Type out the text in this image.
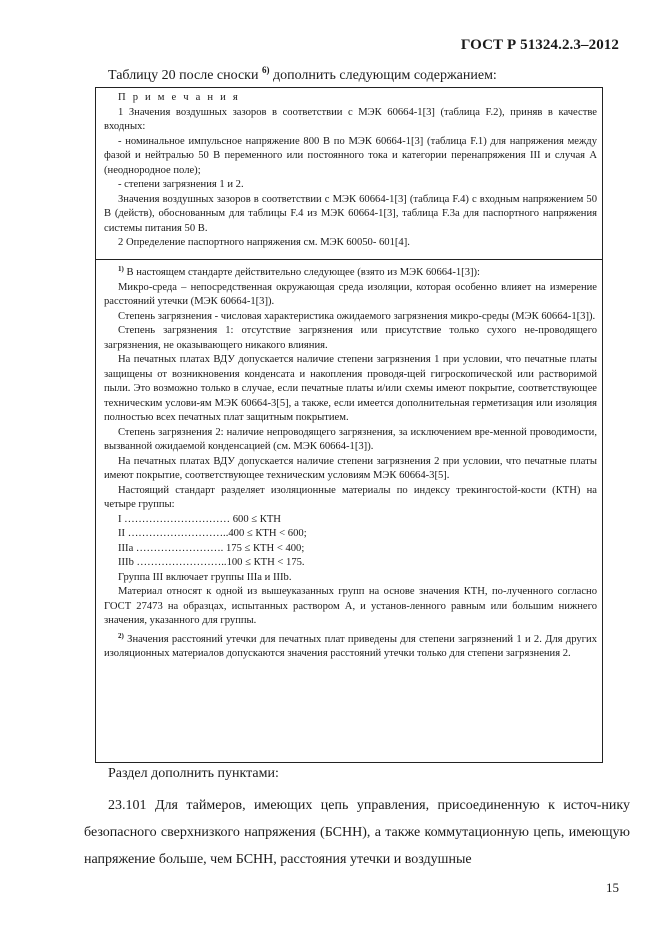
ГОСТ Р 51324.2.3–2012
Таблицу 20 после сноски $^{6)}$ дополнить следующим содержанием:

П р и м е ч а н и я

1 Значения воздушных зазоров в соответствии с МЭК 60664-1[3] (таблица F.2), приняв в качестве входных:

- номинальное импульсное напряжение 800 В по МЭК 60664-1[3] (таблица F.1) для напряжения между фазой и нейтралью 50 В переменного или постоянного тока и категории перенапряжения III и случая А (неоднородное поле);

- степени загрязнения 1 и 2.

Значения воздушных зазоров в соответствии с МЭК 60664-1[3] (таблица F.4) с входным напряжением 50 В (действ), обоснованным для таблицы F.4 из МЭК 60664-1[3], таблица F.3а для паспортного напряжения системы питания 50 В.

2 Определение паспортного напряжения см. МЭК 60050- 601[4].

$^{1)}$ В настоящем стандарте действительно следующее (взято из МЭК 60664-1[3]):

Микро-среда – непосредственная окружающая среда изоляции, которая особенно влияет на измерение расстояний утечки (МЭК 60664-1[3]).

Степень загрязнения - числовая характеристика ожидаемого загрязнения микро-среды (МЭК 60664-1[3]).

Степень загрязнения 1: отсутствие загрязнения или присутствие только сухого не-проводящего загрязнения, не оказывающего никакого влияния.

На печатных платах ВДУ допускается наличие степени загрязнения 1 при условии, что печатные платы защищены от возникновения конденсата и накопления проводя-щей гигроскопической или растворимой пыли. Это возможно только в случае, если печатные платы и/или схемы имеют покрытие, соответствующее техническим услови-ям МЭК 60664-3[5], а также, если имеется дополнительная герметизация или изоляция полностью всех печатных плат защитным покрытием.

Степень загрязнения 2: наличие непроводящего загрязнения, за исключением вре-менной проводимости, вызванной ожидаемой конденсацией (см. МЭК 60664-1[3]).

На печатных платах ВДУ допускается наличие степени загрязнения 2 при условии, что печатные платы имеют покрытие, соответствующее техническим условиям МЭК 60664-3[5].

Настоящий стандарт разделяет изоляционные материалы по индексу трекингостой-кости (КТН) на четыре группы:

I ………………………… 600 ≤ КТН
II ………………………..400 ≤ КТН < 600;
IIIa ……………………. 175 ≤ КТН < 400;
IIIb ……………………..100 ≤ КТН < 175.

Группа III включает группы IIIa и IIIb.

Материал относят к одной из вышеуказанных групп на основе значения КТН, по-лученного согласно ГОСТ 27473 на образцах, испытанных раствором А, и установ-ленного равным или большим нижнего значения, указанного для группы.

$^{2)}$ Значения расстояний утечки для печатных плат приведены для степени загрязнений 1 и 2. Для других изоляционных материалов допускаются значения расстояний утечки только для степени загрязнения 2.

Раздел дополнить пунктами:
23.101 Для таймеров, имеющих цепь управления, присоединенную к источ-нику безопасного сверхнизкого напряжения (БСНН), а также коммутационную цепь, имеющую напряжение больше, чем БСНН, расстояния утечки и воздушные
15
